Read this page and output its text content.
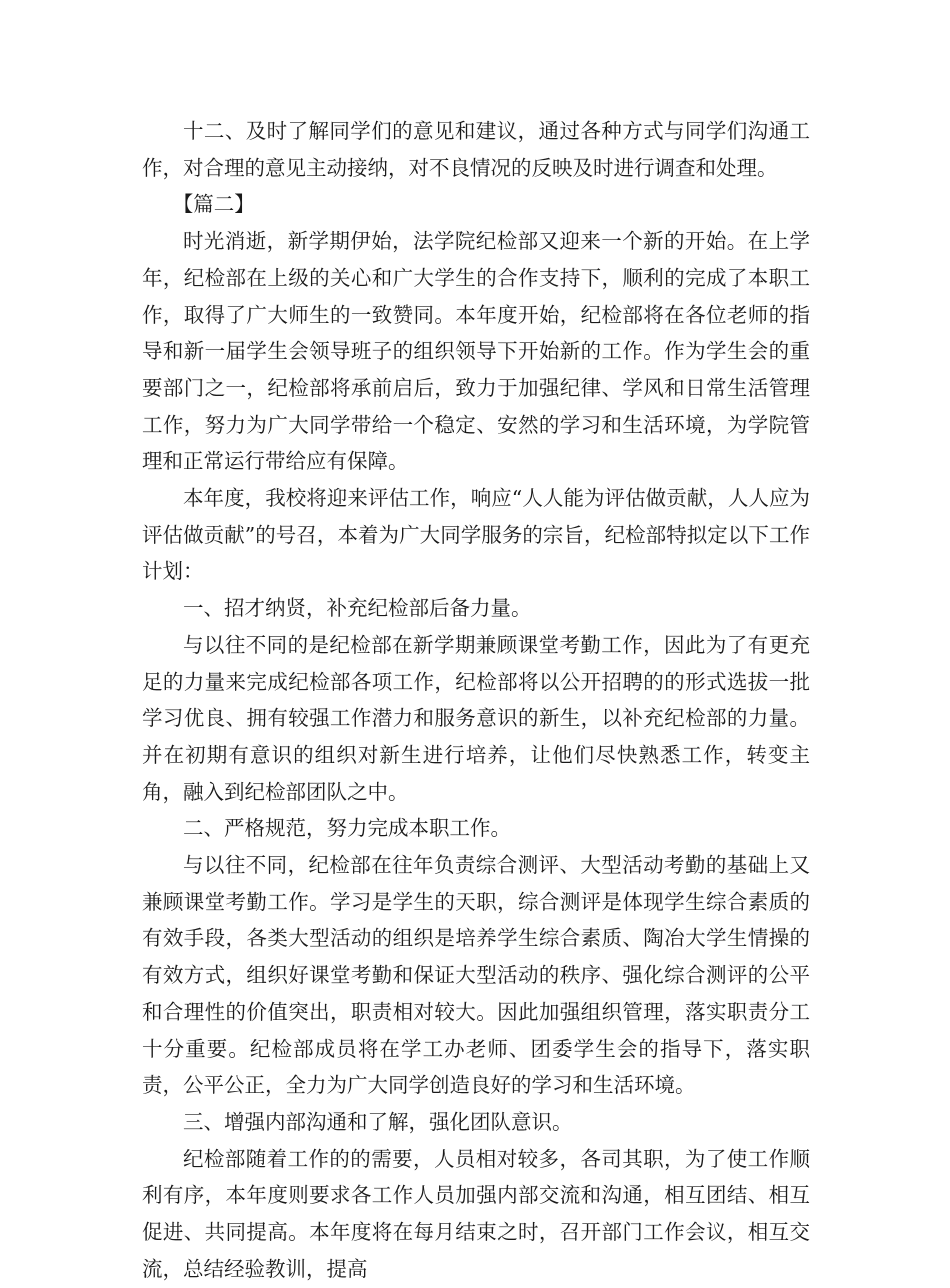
十二、及时了解同学们的意见和建议，通过各种方式与同学们沟通工作，对合理的意见主动接纳，对不良情况的反映及时进行调查和处理。

【篇二】

时光消逝，新学期伊始，法学院纪检部又迎来一个新的开始。在上学年，纪检部在上级的关心和广大学生的合作支持下，顺利的完成了本职工作，取得了广大师生的一致赞同。本年度开始，纪检部将在各位老师的指导和新一届学生会领导班子的组织领导下开始新的工作。作为学生会的重要部门之一，纪检部将承前启后，致力于加强纪律、学风和日常生活管理工作，努力为广大同学带给一个稳定、安然的学习和生活环境，为学院管理和正常运行带给应有保障。

本年度，我校将迎来评估工作，响应“人人能为评估做贡献，人人应为评估做贡献”的号召，本着为广大同学服务的宗旨，纪检部特拟定以下工作计划：

一、招才纳贤，补充纪检部后备力量。

与以往不同的是纪检部在新学期兼顾课堂考勤工作，因此为了有更充足的力量来完成纪检部各项工作，纪检部将以公开招聘的的形式选拔一批学习优良、拥有较强工作潜力和服务意识的新生，以补充纪检部的力量。并在初期有意识的组织对新生进行培养，让他们尽快熟悉工作，转变主角，融入到纪检部团队之中。

二、严格规范，努力完成本职工作。

与以往不同，纪检部在往年负责综合测评、大型活动考勤的基础上又兼顾课堂考勤工作。学习是学生的天职，综合测评是体现学生综合素质的有效手段，各类大型活动的组织是培养学生综合素质、陶冶大学生情操的有效方式，组织好课堂考勤和保证大型活动的秩序、强化综合测评的公平和合理性的价值突出，职责相对较大。因此加强组织管理，落实职责分工十分重要。纪检部成员将在学工办老师、团委学生会的指导下，落实职责，公平公正，全力为广大同学创造良好的学习和生活环境。

三、增强内部沟通和了解，强化团队意识。

纪检部随着工作的的需要，人员相对较多，各司其职，为了使工作顺利有序，本年度则要求各工作人员加强内部交流和沟通，相互团结、相互促进、共同提高。本年度将在每月结束之时，召开部门工作会议，相互交流，总结经验教训，提高
